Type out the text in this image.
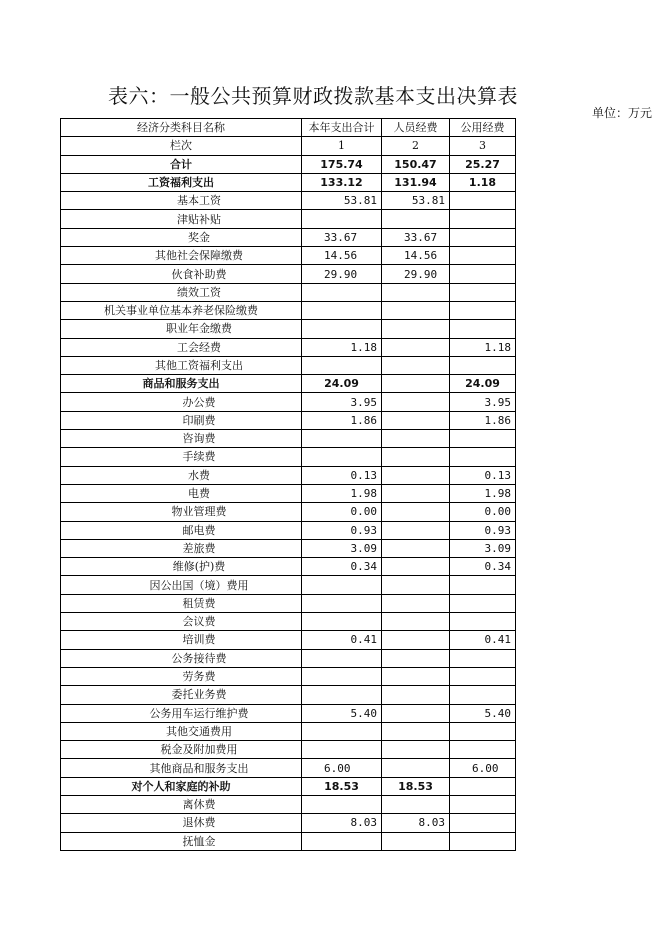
表六：一般公共预算财政拨款基本支出决算表
单位：万元
经济分类科目名称	本年支出合计	人员经费	公用经费
栏次	1	2	3
合计	175.74	150.47	25.27
工资福利支出	133.12	131.94	1.18
基本工资	53.81	53.81	
津贴补贴			
奖金	33.67	33.67	
其他社会保障缴费	14.56	14.56	
伙食补助费	29.90	29.90	
绩效工资			
机关事业单位基本养老保险缴费			
职业年金缴费			
工会经费	1.18		1.18
其他工资福利支出			
商品和服务支出	24.09		24.09
办公费	3.95		3.95
印刷费	1.86		1.86
咨询费			
手续费			
水费	0.13		0.13
电费	1.98		1.98
物业管理费	0.00		0.00
邮电费	0.93		0.93
差旅费	3.09		3.09
维修(护)费	0.34		0.34
因公出国（境）费用			
租赁费			
会议费			
培训费	0.41		0.41
公务接待费			
劳务费			
委托业务费			
公务用车运行维护费	5.40		5.40
其他交通费用			
税金及附加费用			
其他商品和服务支出	6.00		6.00
对个人和家庭的补助	18.53	18.53	
离休费			
退休费	8.03	8.03	
抚恤金			
